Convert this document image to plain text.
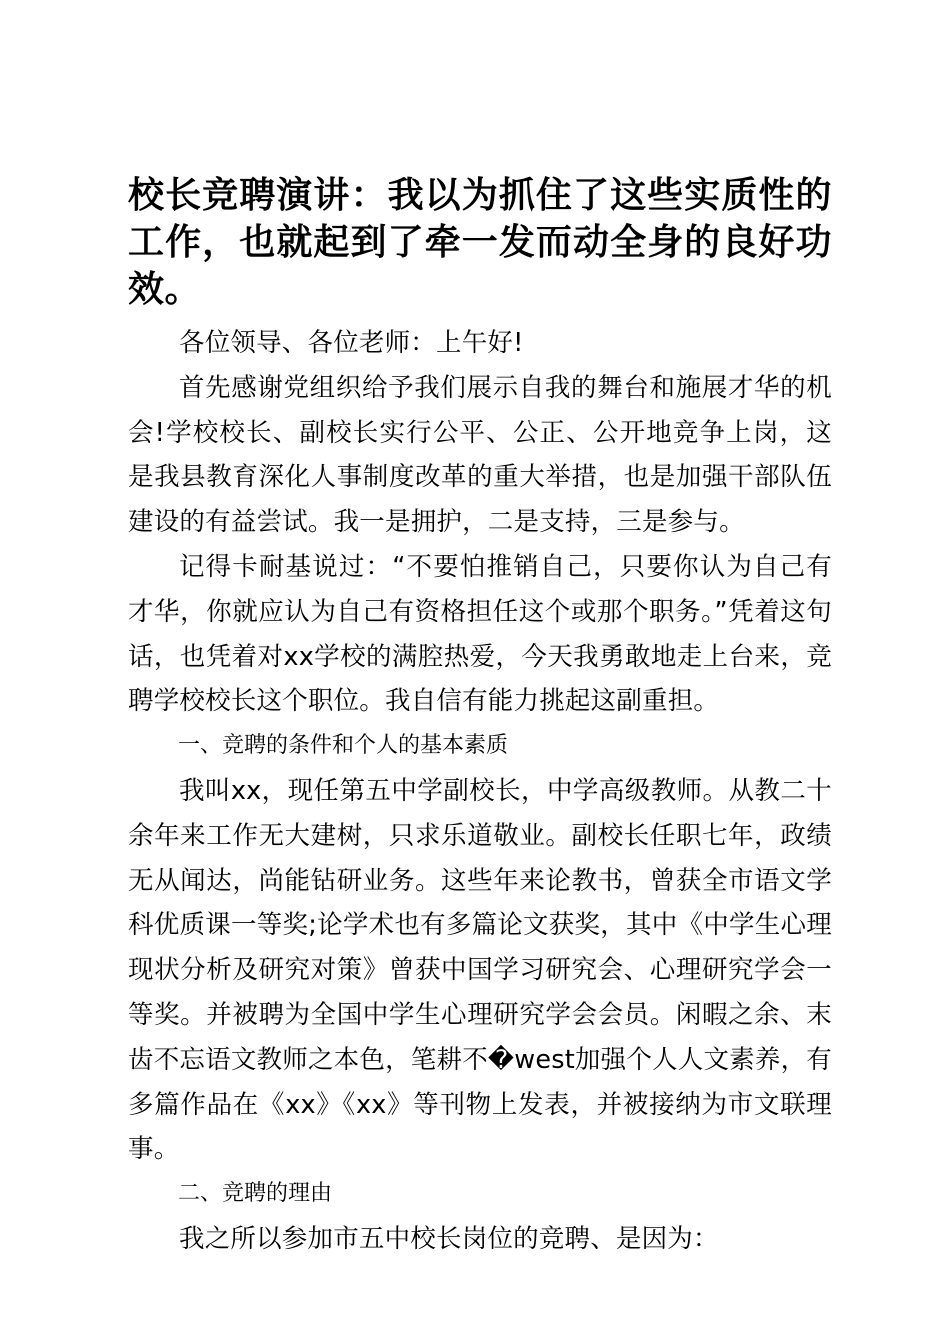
校长竞聘演讲：我以为抓住了这些实质性的工作，也就起到了牵一发而动全身的良好功效。

各位领导、各位老师：上午好!

首先感谢党组织给予我们展示自我的舞台和施展才华的机会!学校校长、副校长实行公平、公正、公开地竞争上岗，这是我县教育深化人事制度改革的重大举措，也是加强干部队伍建设的有益尝试。我一是拥护，二是支持，三是参与。

记得卡耐基说过：“不要怕推销自己，只要你认为自己有才华，你就应认为自己有资格担任这个或那个职务。”凭着这句话，也凭着对xx学校的满腔热爱，今天我勇敢地走上台来，竞聘学校校长这个职位。我自信有能力挑起这副重担。

一、竞聘的条件和个人的基本素质

我叫xx，现任第五中学副校长，中学高级教师。从教二十余年来工作无大建树，只求乐道敬业。副校长任职七年，政绩无从闻达，尚能钻研业务。这些年来论教书，曾获全市语文学科优质课一等奖;论学术也有多篇论文获奖，其中《中学生心理现状分析及研究对策》曾获中国学习研究会、心理研究学会一等奖。并被聘为全国中学生心理研究学会会员。闲暇之余、末齿不忘语文教师之本色，笔耕不�west加强个人人文素养，有多篇作品在《xx》《xx》等刊物上发表，并被接纳为市文联理事。

二、竞聘的理由

我之所以参加市五中校长岗位的竞聘、是因为：
